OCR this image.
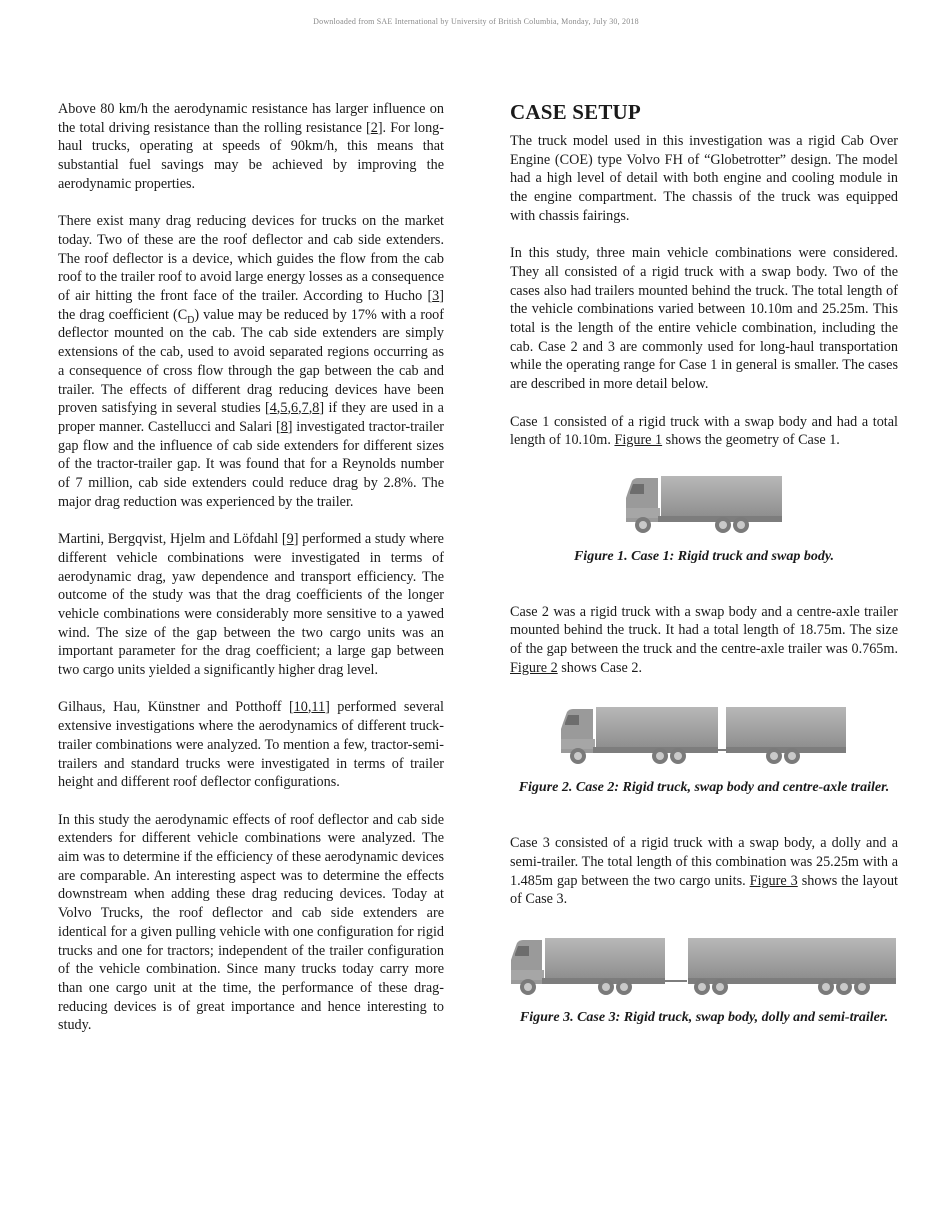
Downloaded from SAE International by University of British Columbia, Monday, July 30, 2018

Above 80 km/h the aerodynamic resistance has larger influence on the total driving resistance than the rolling resistance [2]. For long-haul trucks, operating at speeds of 90km/h, this means that substantial fuel savings may be achieved by improving the aerodynamic properties.

There exist many drag reducing devices for trucks on the market today. Two of these are the roof deflector and cab side extenders. The roof deflector is a device, which guides the flow from the cab roof to the trailer roof to avoid large energy losses as a consequence of air hitting the front face of the trailer. According to Hucho [3] the drag coefficient $(C_D)$ value may be reduced by 17% with a roof deflector mounted on the cab. The cab side extenders are simply extensions of the cab, used to avoid separated regions occurring as a consequence of cross flow through the gap between the cab and trailer. The effects of different drag reducing devices have been proven satisfying in several studies [4,5,6,7,8] if they are used in a proper manner. Castellucci and Salari [8] investigated tractor-trailer gap flow and the influence of cab side extenders for different sizes of the tractor-trailer gap. It was found that for a Reynolds number of 7 million, cab side extenders could reduce drag by 2.8%. The major drag reduction was experienced by the trailer.

Martini, Bergqvist, Hjelm and Löfdahl [9] performed a study where different vehicle combinations were investigated in terms of aerodynamic drag, yaw dependence and transport efficiency. The outcome of the study was that the drag coefficients of the longer vehicle combinations were considerably more sensitive to a yawed wind. The size of the gap between the two cargo units was an important parameter for the drag coefficient; a large gap between two cargo units yielded a significantly higher drag level.

Gilhaus, Hau, Künstner and Potthoff [10,11] performed several extensive investigations where the aerodynamics of different truck-trailer combinations were analyzed. To mention a few, tractor-semi-trailers and standard trucks were investigated in terms of trailer height and different roof deflector configurations.

In this study the aerodynamic effects of roof deflector and cab side extenders for different vehicle combinations were analyzed. The aim was to determine if the efficiency of these aerodynamic devices are comparable. An interesting aspect was to determine the effects downstream when adding these drag reducing devices. Today at Volvo Trucks, the roof deflector and cab side extenders are identical for a given pulling vehicle with one configuration for rigid trucks and one for tractors; independent of the trailer configuration of the vehicle combination. Since many trucks today carry more than one cargo unit at the time, the performance of these drag-reducing devices is of great importance and hence interesting to study.

CASE SETUP

The truck model used in this investigation was a rigid Cab Over Engine (COE) type Volvo FH of “Globetrotter” design. The model had a high level of detail with both engine and cooling module in the engine compartment. The chassis of the truck was equipped with chassis fairings.

In this study, three main vehicle combinations were considered. They all consisted of a rigid truck with a swap body. Two of the cases also had trailers mounted behind the truck. The total length of the vehicle combinations varied between 10.10m and 25.25m. This total is the length of the entire vehicle combination, including the cab. Case 2 and 3 are commonly used for long-haul transportation while the operating range for Case 1 in general is smaller. The cases are described in more detail below.

Case 1 consisted of a rigid truck with a swap body and had a total length of 10.10m. Figure 1 shows the geometry of Case 1.

Figure 1. Case 1: Rigid truck and swap body.

Case 2 was a rigid truck with a swap body and a centre-axle trailer mounted behind the truck. It had a total length of 18.75m. The size of the gap between the truck and the centre-axle trailer was 0.765m. Figure 2 shows Case 2.

Figure 2. Case 2: Rigid truck, swap body and centre-axle trailer.

Case 3 consisted of a rigid truck with a swap body, a dolly and a semi-trailer. The total length of this combination was 25.25m with a 1.485m gap between the two cargo units. Figure 3 shows the layout of Case 3.

Figure 3. Case 3: Rigid truck, swap body, dolly and semi-trailer.
